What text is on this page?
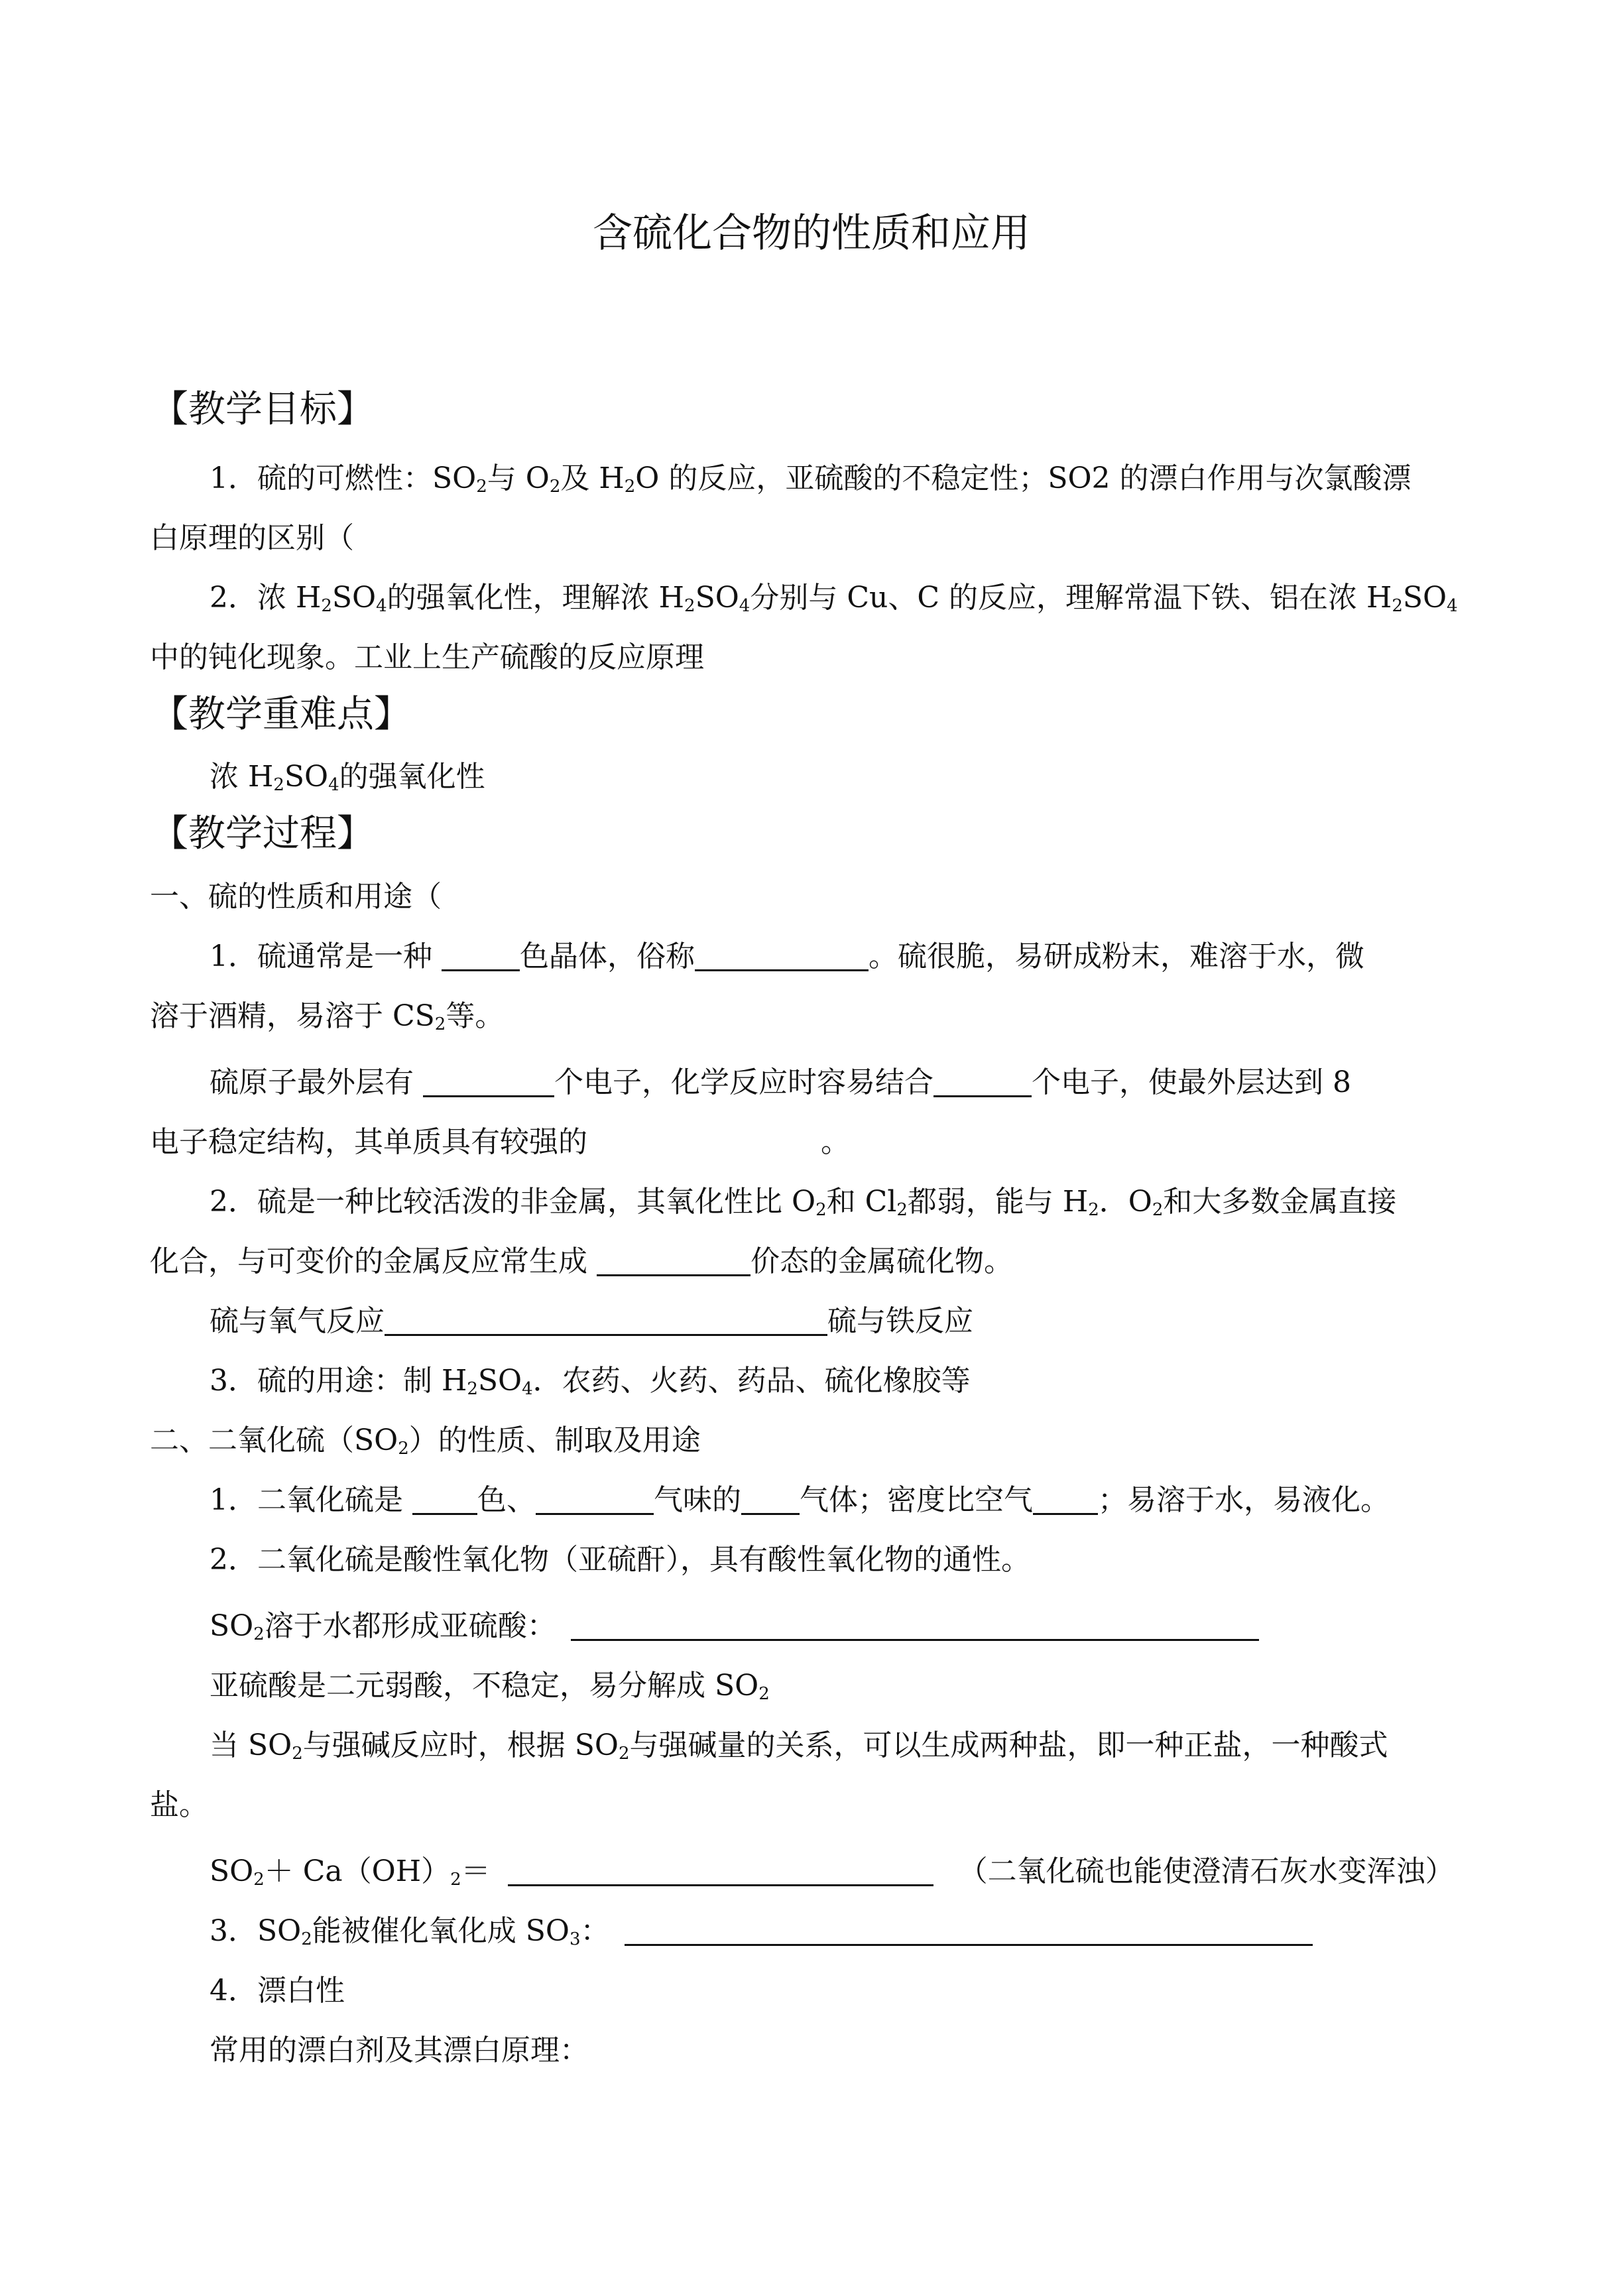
含硫化合物的性质和应用
【教学目标】
1．硫的可燃性：$SO_2$与 $O_2$及 $H_2O$ 的反应，亚硫酸的不稳定性；SO2 的漂白作用与次氯酸漂
白原理的区别（
2．浓 $H_2SO_4$的强氧化性，理解浓 $H_2SO_4$分别与 Cu、C 的反应，理解常温下铁、铝在浓 $H_2SO_4$
中的钝化现象。工业上生产硫酸的反应原理
【教学重难点】
浓 $H_2SO_4$的强氧化性
【教学过程】
一、硫的性质和用途（
1．硫通常是一种	色晶体，俗称	。硫很脆，易研成粉末，难溶于水，微
溶于酒精，易溶于 $CS_2$等。
硫原子最外层有	个电子，化学反应时容易结合	个电子，使最外层达到 8
电子稳定结构，其单质具有较强的	。
2．硫是一种比较活泼的非金属，其氧化性比 $O_2$和 $Cl_2$都弱，能与 $H_2$．$O_2$和大多数金属直接
化合，与可变价的金属反应常生成	价态的金属硫化物。
硫与氧气反应	硫与铁反应
3．硫的用途：制 $H_2SO_4$．农药、火药、药品、硫化橡胶等
二、二氧化硫$(SO_2)$的性质、制取及用途
1．二氧化硫是 色、	气味的 气体；密度比空气 ；易溶于水，易液化。
2．二氧化硫是酸性氧化物（亚硫酐），具有酸性氧化物的通性。
$SO_2$溶于水都形成亚硫酸：
亚硫酸是二元弱酸，不稳定，易分解成 $SO_2$
当 $SO_2$与强碱反应时，根据 $SO_2$与强碱量的关系，可以生成两种盐，即一种正盐，一种酸式
盐。
$SO_2+ Ca(OH)_2=$	（二氧化硫也能使澄清石灰水变浑浊）
3．$SO_2$能被催化氧化成 $SO_3$：
4．漂白性
常用的漂白剂及其漂白原理：
